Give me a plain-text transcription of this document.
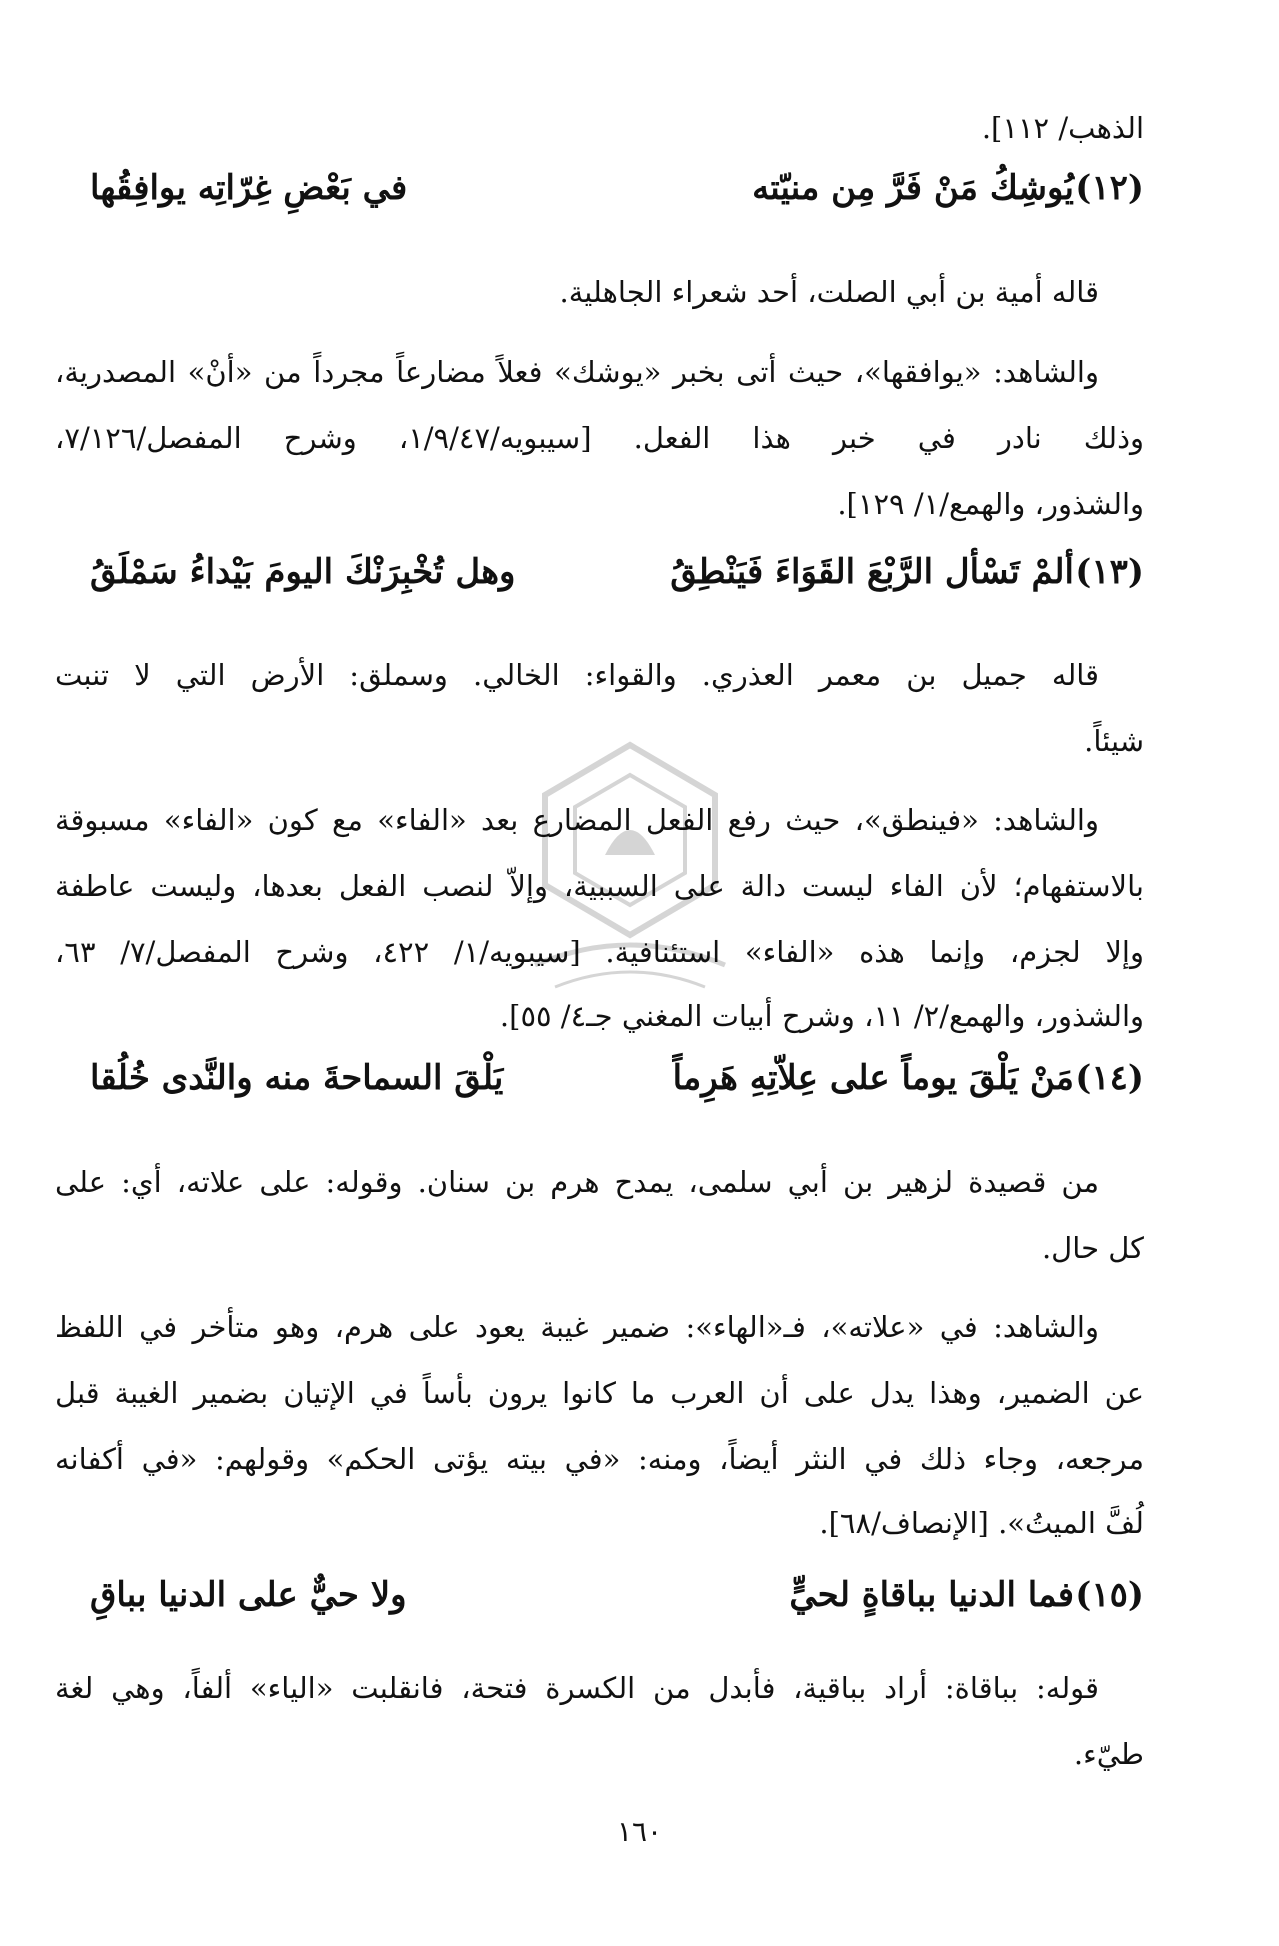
الذهب/ ١١٢].
(١٢)
يُوشِكُ مَنْ فَرَّ مِن منيّته
في بَعْضِ غِرّاتِه يوافِقُها
قاله أمية بن أبي الصلت، أحد شعراء الجاهلية.
والشاهد: «يوافقها»، حيث أتى بخبر «يوشك» فعلاً مضارعاً مجرداً من «أنْ» المصدرية،
وذلك نادر في خبر هذا الفعل. [سيبويه/١/٩/٤٧، وشرح المفصل/٧/١٢٦،
والشذور، والهمع/١/ ١٢٩].
(١٣)
ألمْ تَسْأل الرَّبْعَ القَوَاءَ فَيَنْطِقُ
وهل تُخْبِرَنْكَ اليومَ بَيْداءُ سَمْلَقُ
قاله جميل بن معمر العذري. والقواء: الخالي. وسملق: الأرض التي لا تنبت
شيئاً.
والشاهد: «فينطق»، حيث رفع الفعل المضارع بعد «الفاء» مع كون «الفاء» مسبوقة
بالاستفهام؛ لأن الفاء ليست دالة على السببية، وإلاّ لنصب الفعل بعدها، وليست عاطفة
وإلا لجزم، وإنما هذه «الفاء» استئنافية. [سيبويه/١/ ٤٢٢، وشرح المفصل/٧/ ٦٣،
والشذور، والهمع/٢/ ١١، وشرح أبيات المغني جـ٤/ ٥٥].
(١٤)
مَنْ يَلْقَ يوماً على عِلاّتِهِ هَرِماً
يَلْقَ السماحةَ منه والنَّدى خُلُقا
من قصيدة لزهير بن أبي سلمى، يمدح هرم بن سنان. وقوله: على علاته، أي: على
كل حال.
والشاهد: في «علاته»، فـ«الهاء»: ضمير غيبة يعود على هرم، وهو متأخر في اللفظ
عن الضمير، وهذا يدل على أن العرب ما كانوا يرون بأساً في الإتيان بضمير الغيبة قبل
مرجعه، وجاء ذلك في النثر أيضاً، ومنه: «في بيته يؤتى الحكم» وقولهم: «في أكفانه
لُفَّ الميتُ». [الإنصاف/٦٨].
(١٥)
فما الدنيا بباقاةٍ لحيٍّ
ولا حيٌّ على الدنيا بباقِ
قوله: بباقاة: أراد بباقية، فأبدل من الكسرة فتحة، فانقلبت «الياء» ألفاً، وهي لغة
طيّء.
١٦٠
